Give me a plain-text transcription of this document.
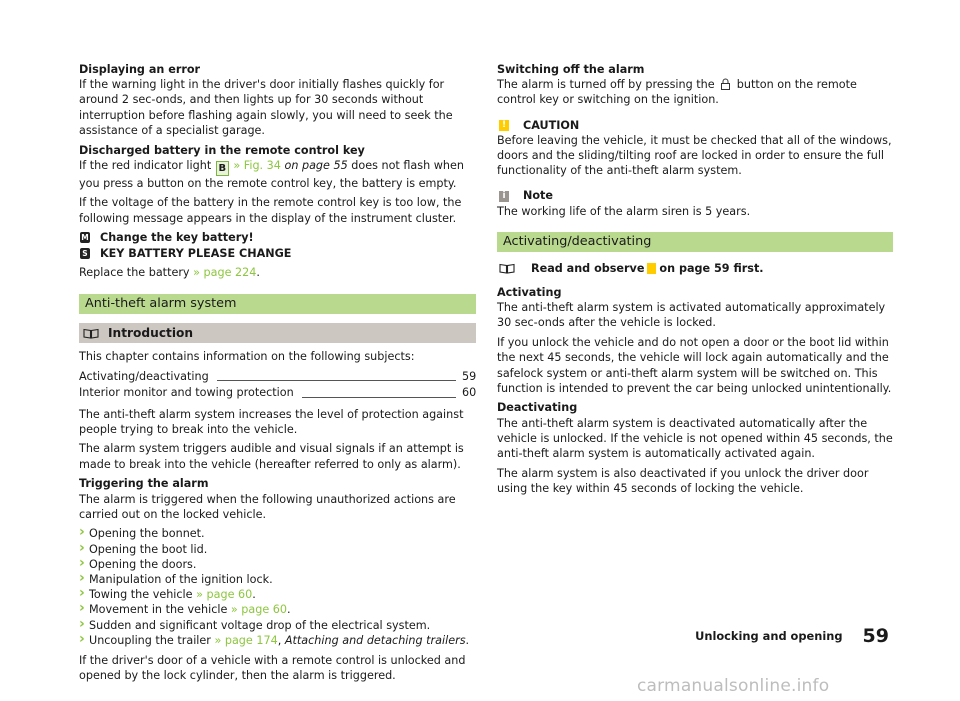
Displaying an error
If the warning light in the driver's door initially flashes quickly for around 2 sec-onds, and then lights up for 30 seconds without interruption before flashing again slowly, you will need to seek the assistance of a specialist garage.

Discharged battery in the remote control key
If the red indicator light B » Fig. 34 on page 55 does not flash when you press a button on the remote control key, the battery is empty.

If the voltage of the battery in the remote control key is too low, the following message appears in the display of the instrument cluster.

M Change the key battery!
S KEY BATTERY PLEASE CHANGE

Replace the battery » page 224.

Anti-theft alarm system
Introduction

This chapter contains information on the following subjects:

Activating/deactivating	59
Interior monitor and towing protection	60

The anti-theft alarm system increases the level of protection against people trying to break into the vehicle.

The alarm system triggers audible and visual signals if an attempt is made to break into the vehicle (hereafter referred to only as alarm).

Triggering the alarm
The alarm is triggered when the following unauthorized actions are carried out on the locked vehicle.

› Opening the bonnet.
› Opening the boot lid.
› Opening the doors.
› Manipulation of the ignition lock.
› Towing the vehicle » page 60.
› Movement in the vehicle » page 60.
› Sudden and significant voltage drop of the electrical system.
› Uncoupling the trailer » page 174, Attaching and detaching trailers.

If the driver's door of a vehicle with a remote control is unlocked and opened by the lock cylinder, then the alarm is triggered.

Switching off the alarm
The alarm is turned off by pressing the button on the remote control key or switching on the ignition.

! CAUTION

Before leaving the vehicle, it must be checked that all of the windows, doors and the sliding/tilting roof are locked in order to ensure the full functionality of the anti-theft alarm system.

i	Note

The working life of the alarm siren is 5 years.

Activating/deactivating
Read and observe on page 59 first.

Activating
The anti-theft alarm system is activated automatically approximately 30 sec-onds after the vehicle is locked.

If you unlock the vehicle and do not open a door or the boot lid within the next 45 seconds, the vehicle will lock again automatically and the safelock system or anti-theft alarm system will be switched on. This function is intended to prevent the car being unlocked unintentionally.

Deactivating
The anti-theft alarm system is deactivated automatically after the vehicle is unlocked. If the vehicle is not opened within 45 seconds, the anti-theft alarm system is automatically activated again.

The alarm system is also deactivated if you unlock the driver door using the key within 45 seconds of locking the vehicle.

Unlocking and opening 59
carmanualsonline.info
